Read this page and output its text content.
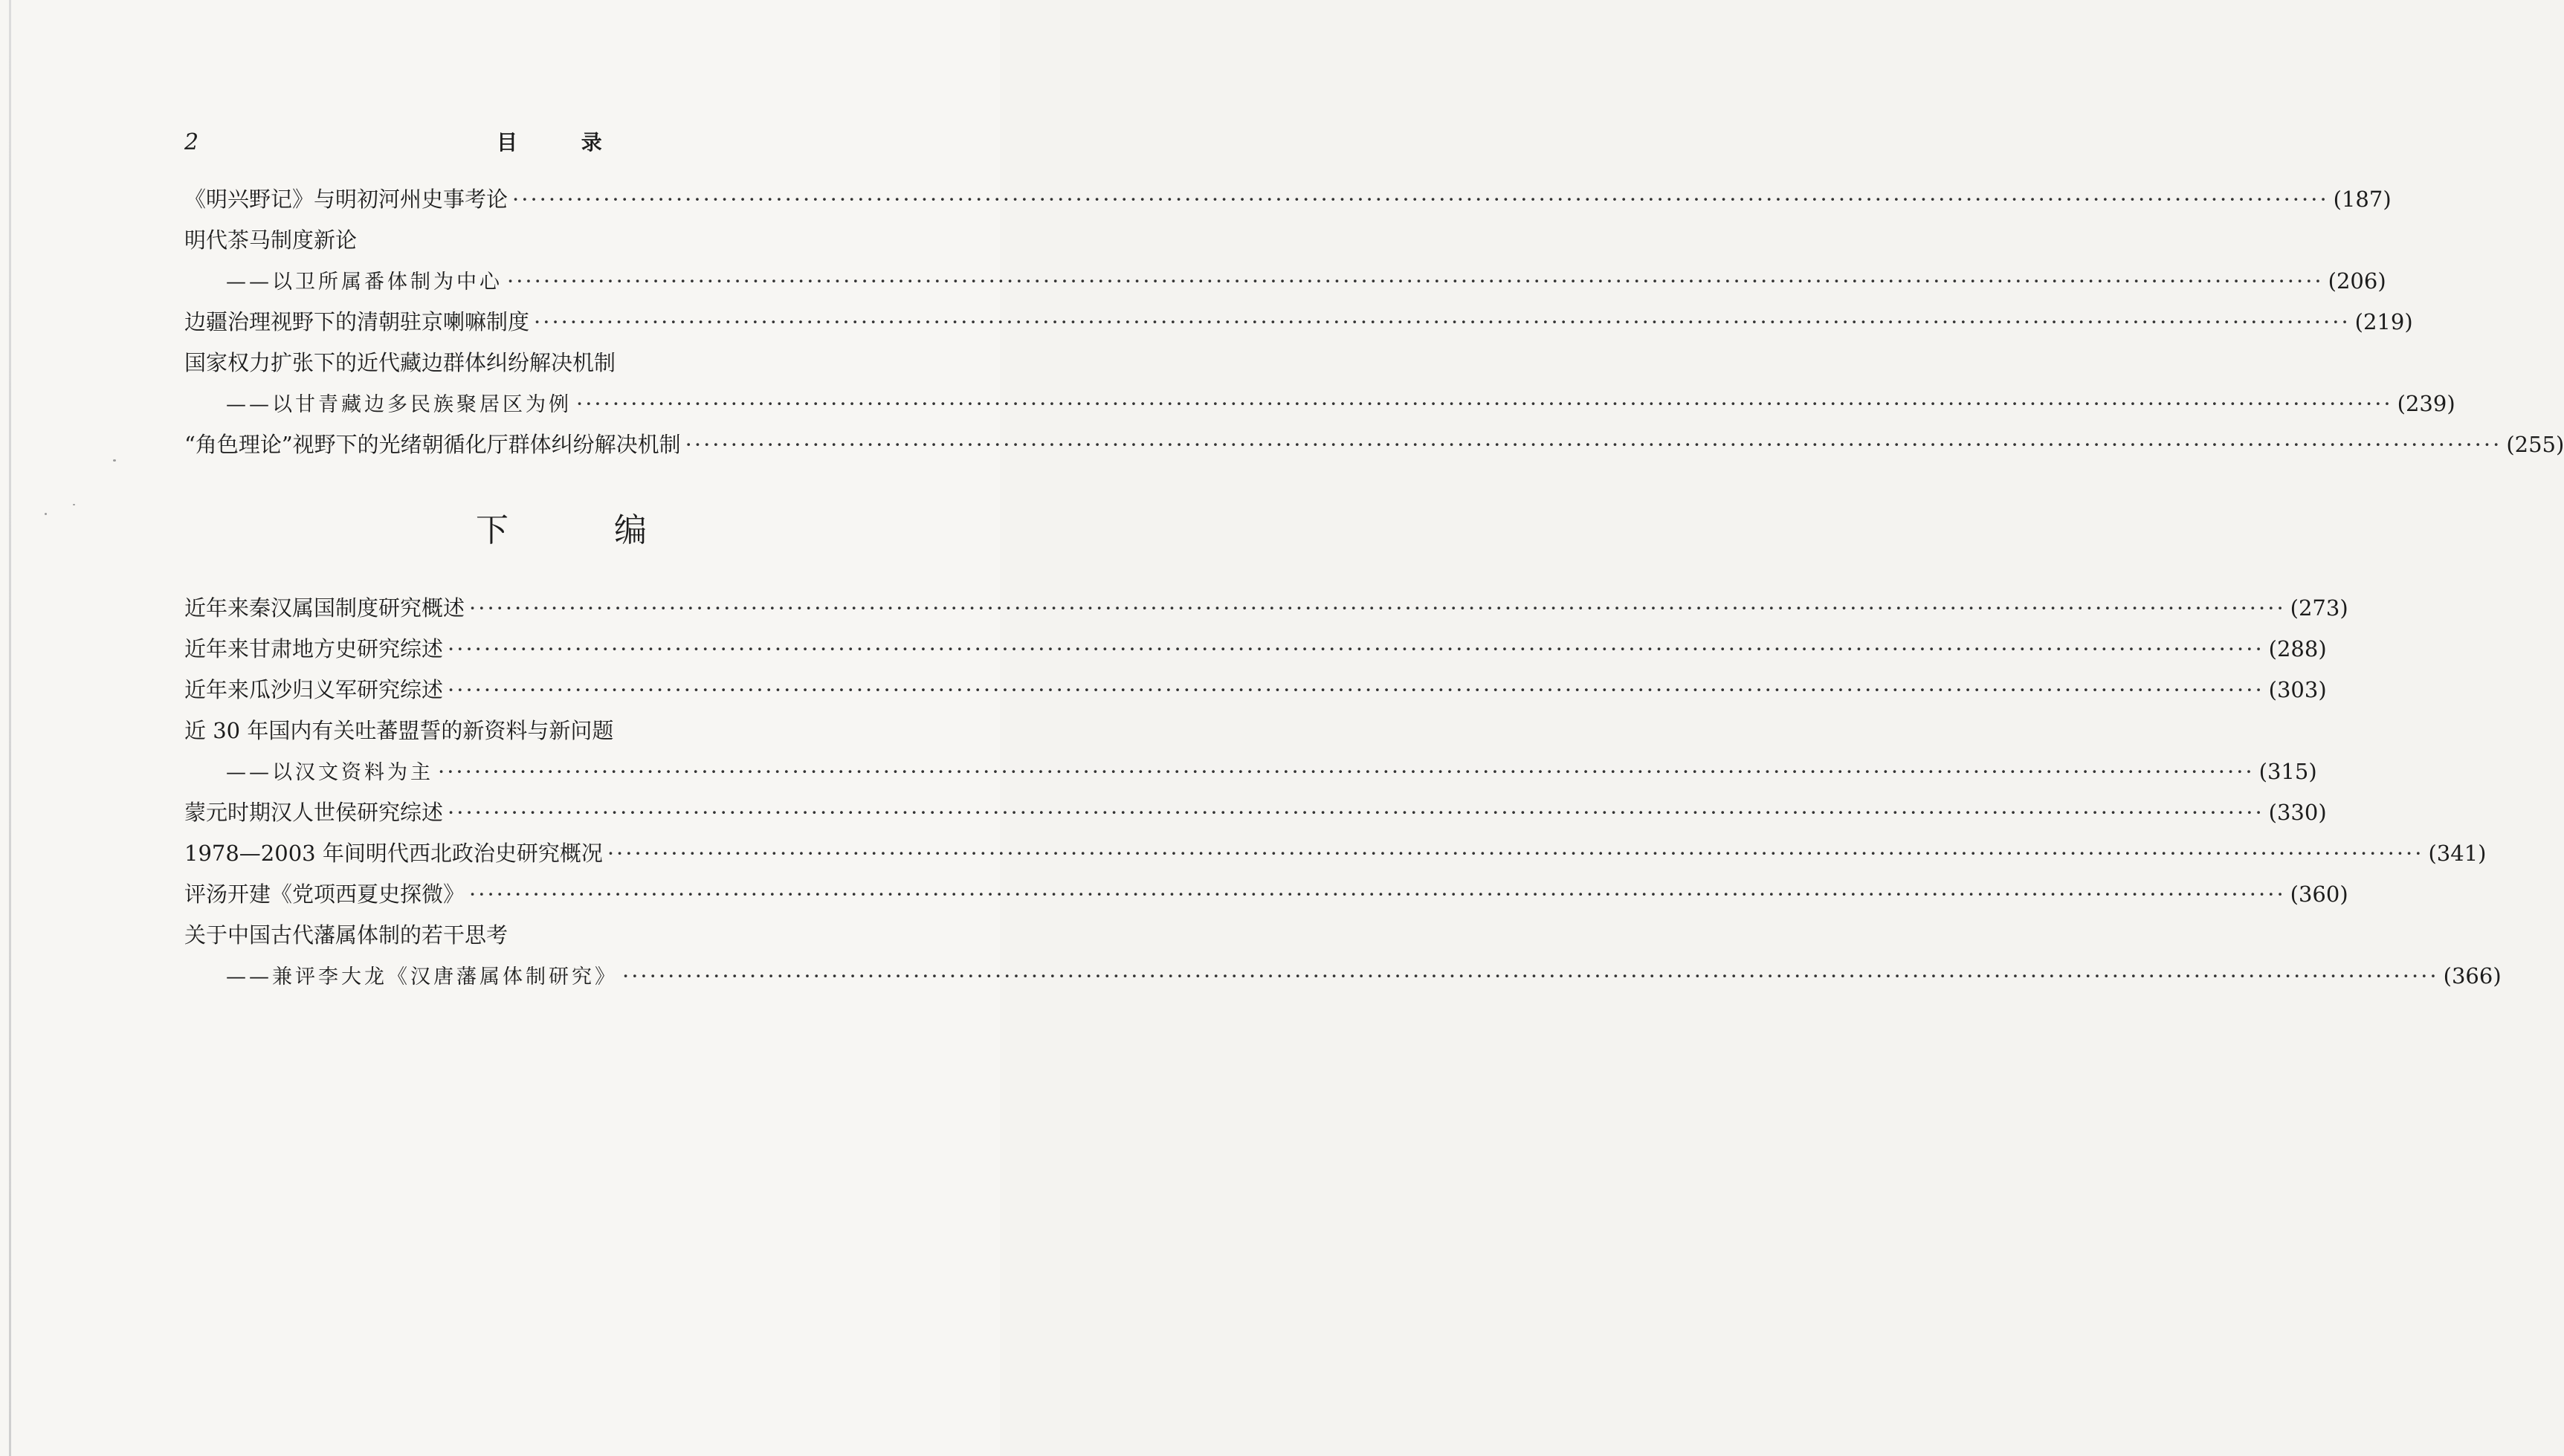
2	目 录
《明兴野记》与明初河州史事考论 ········································································································································································································ (187)
明代茶马制度新论
——以卫所属番体制为中心 ········································································································································································································ (206)
边疆治理视野下的清朝驻京喇嘛制度 ········································································································································································································ (219)
国家权力扩张下的近代藏边群体纠纷解决机制
——以甘青藏边多民族聚居区为例 ········································································································································································································ (239)
“角色理论”视野下的光绪朝循化厅群体纠纷解决机制 ········································································································································································································ (255)
下 编
近年来秦汉属国制度研究概述 ········································································································································································································ (273)
近年来甘肃地方史研究综述 ········································································································································································································ (288)
近年来瓜沙归义军研究综述 ········································································································································································································ (303)
近 30 年国内有关吐蕃盟誓的新资料与新问题
——以汉文资料为主 ········································································································································································································ (315)
蒙元时期汉人世侯研究综述 ········································································································································································································ (330)
1978—2003 年间明代西北政治史研究概况 ········································································································································································································ (341)
评汤开建《党项西夏史探微》 ········································································································································································································ (360)
关于中国古代藩属体制的若干思考
——兼评李大龙《汉唐藩属体制研究》 ········································································································································································································ (366)
